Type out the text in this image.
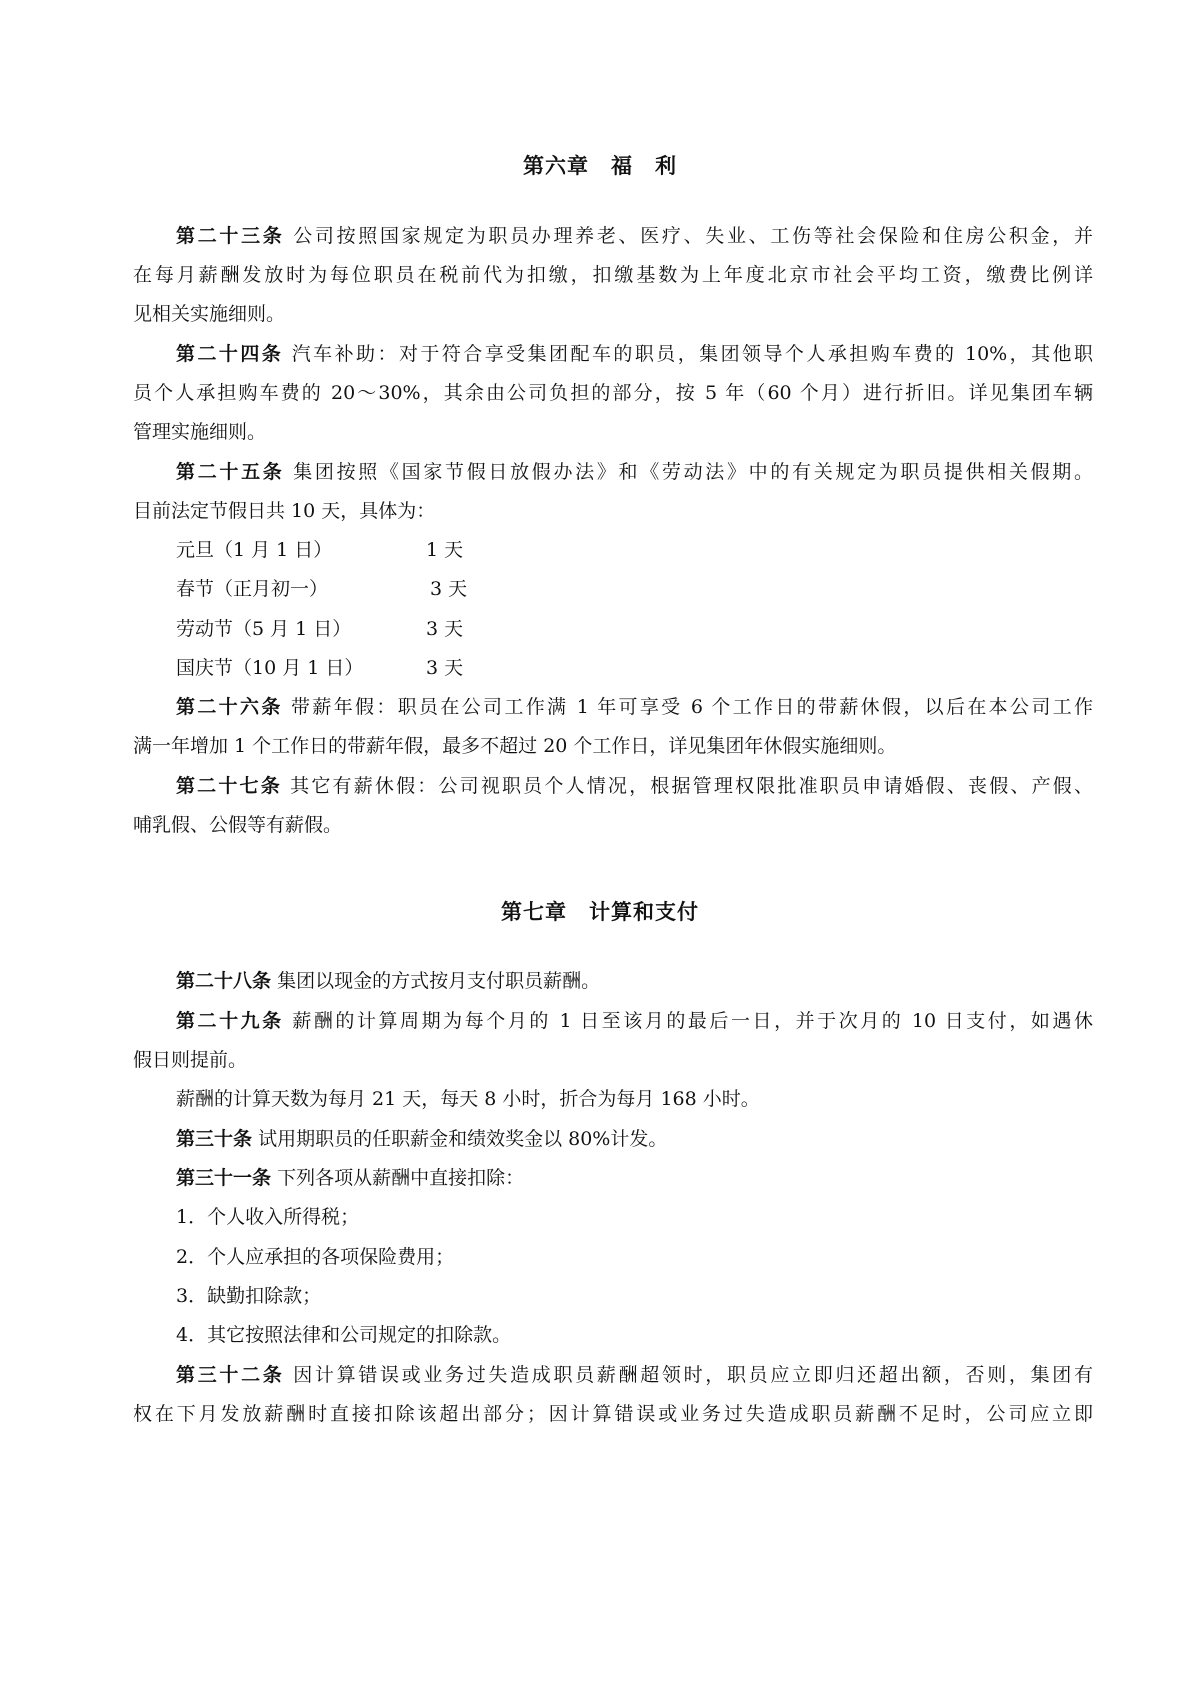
第六章　福　利
第二十三条 公司按照国家规定为职员办理养老、医疗、失业、工伤等社会保险和住房公积金，并
在每月薪酬发放时为每位职员在税前代为扣缴，扣缴基数为上年度北京市社会平均工资，缴费比例详
见相关实施细则。
第二十四条 汽车补助：对于符合享受集团配车的职员，集团领导个人承担购车费的 10%，其他职
员个人承担购车费的 20～30%，其余由公司负担的部分，按 5 年（60 个月）进行折旧。详见集团车辆
管理实施细则。
第二十五条 集团按照《国家节假日放假办法》和《劳动法》中的有关规定为职员提供相关假期。
目前法定节假日共 10 天，具体为：
元旦（1 月 1 日）	1 天
春节（正月初一）	3 天
劳动节（5 月 1 日）	3 天
国庆节（10 月 1 日）	3 天
第二十六条 带薪年假：职员在公司工作满 1 年可享受 6 个工作日的带薪休假，以后在本公司工作
满一年增加 1 个工作日的带薪年假，最多不超过 20 个工作日，详见集团年休假实施细则。
第二十七条 其它有薪休假：公司视职员个人情况，根据管理权限批准职员申请婚假、丧假、产假、
哺乳假、公假等有薪假。
第七章　计算和支付
第二十八条 集团以现金的方式按月支付职员薪酬。
第二十九条 薪酬的计算周期为每个月的 1 日至该月的最后一日，并于次月的 10 日支付，如遇休
假日则提前。
薪酬的计算天数为每月 21 天，每天 8 小时，折合为每月 168 小时。
第三十条 试用期职员的任职薪金和绩效奖金以 80%计发。
第三十一条 下列各项从薪酬中直接扣除：
1．个人收入所得税；
2．个人应承担的各项保险费用；
3．缺勤扣除款；
4．其它按照法律和公司规定的扣除款。
第三十二条 因计算错误或业务过失造成职员薪酬超领时，职员应立即归还超出额，否则，集团有
权在下月发放薪酬时直接扣除该超出部分；因计算错误或业务过失造成职员薪酬不足时，公司应立即
